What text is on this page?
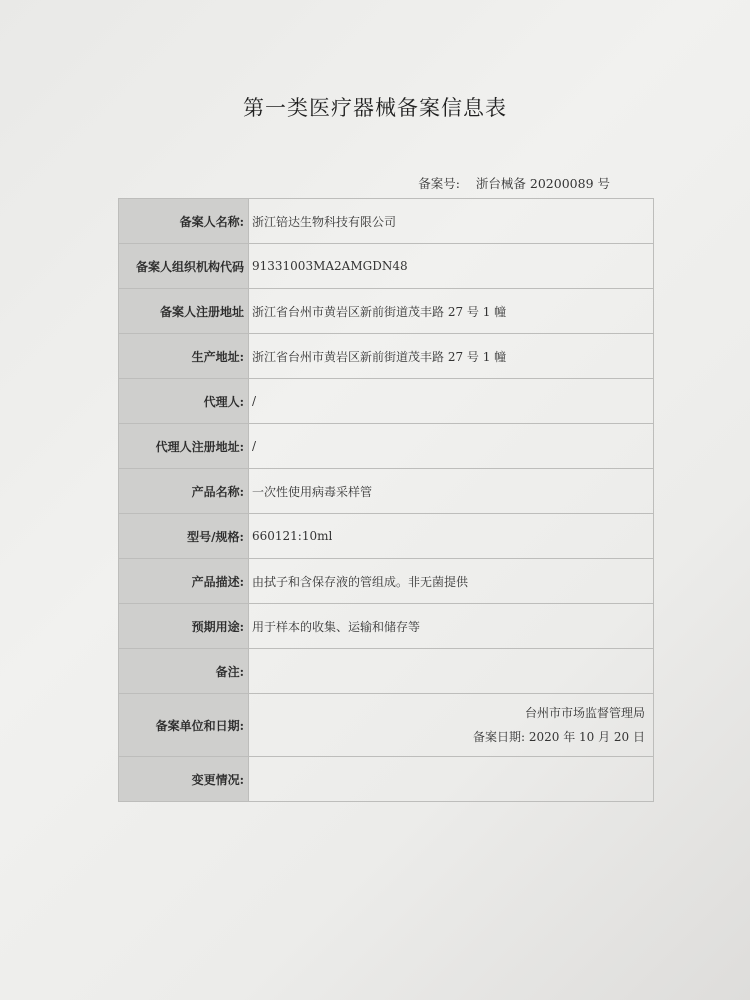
第一类医疗器械备案信息表
备案号: 浙台械备 20200089 号
备案人名称:	浙江锫达生物科技有限公司
备案人组织机构代码	91331003MA2AMGDN48
备案人注册地址	浙江省台州市黄岩区新前街道茂丰路 27 号 1 幢
生产地址:	浙江省台州市黄岩区新前街道茂丰路 27 号 1 幢
代理人:	/
代理人注册地址:	/
产品名称:	一次性使用病毒采样管
型号/规格:	660121:10ml
产品描述:	由拭子和含保存液的管组成。非无菌提供
预期用途:	用于样本的收集、运输和储存等
备注:	
备案单位和日期:	台州市市场监督管理局
备案日期: 2020 年 10 月 20 日

变更情况:	
